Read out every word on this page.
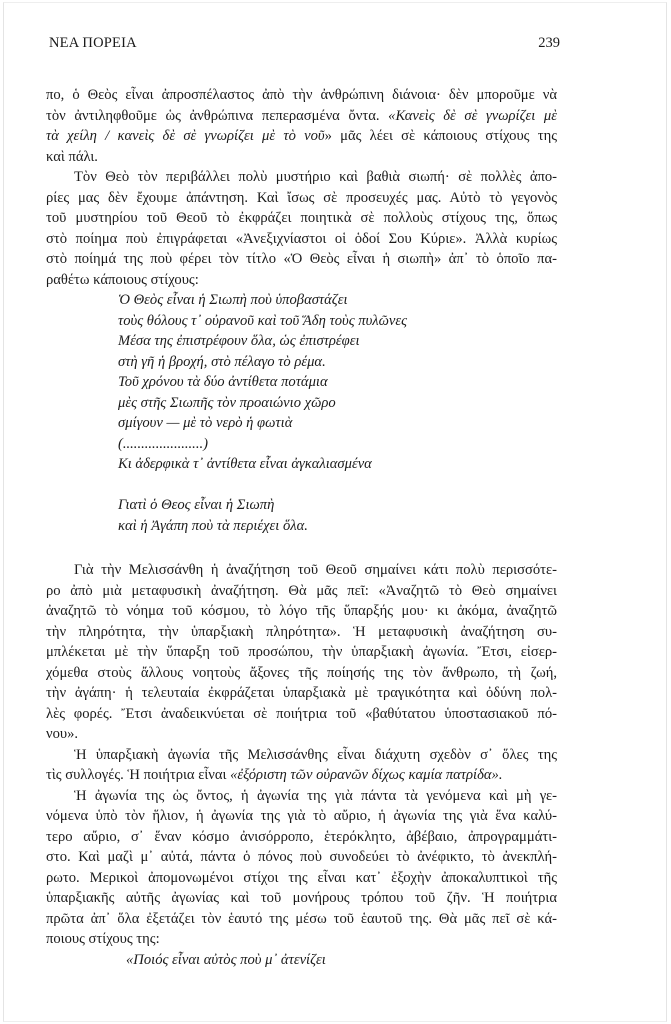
ΝΕΑ ΠΟΡΕΙΑ	239
πο, ὁ Θεὸς εἶναι ἀπροσπέλαστος ἀπὸ τὴν ἀνθρώπινη διάνοια· δὲν μποροῦμε νὰ
τὸν ἀντιληφθοῦμε ὡς ἀνθρώπινα πεπερασμένα ὄντα. «Κανεὶς δὲ σὲ γνωρίζει μὲ
τὰ χείλη / κανεὶς δὲ σὲ γνωρίζει μὲ τὸ νοῦ» μᾶς λέει σὲ κάποιους στίχους της
καὶ πάλι.
Τὸν Θεὸ τὸν περιβάλλει πολὺ μυστήριο καὶ βαθιὰ σιωπή· σὲ πολλὲς ἀπο-
ρίες μας δὲν ἔχουμε ἀπάντηση. Καὶ ἴσως σὲ προσευχές μας. Αὐτὸ τὸ γεγονὸς
τοῦ μυστηρίου τοῦ Θεοῦ τὸ ἐκφράζει ποιητικὰ σὲ πολλοὺς στίχους της, ὅπως
στὸ ποίημα ποὺ ἐπιγράφεται «Ἀνεξιχνίαστοι οἱ ὁδοί Σου Κύριε». Ἀλλὰ κυρίως
στὸ ποίημά της ποὺ φέρει τὸν τίτλο «Ὁ Θεὸς εἶναι ἡ σιωπὴ» ἀπ᾽ τὸ ὁποῖο πα-
ραθέτω κάποιους στίχους:
Ὁ Θεὸς εἶναι ἡ Σιωπὴ ποὺ ὑποβαστάζει
τοὺς θόλους τ᾽ οὐρανοῦ καὶ τοῦ Ἅδη τοὺς πυλῶνες
Μέσα της ἐπιστρέφουν ὅλα, ὡς ἐπιστρέφει
στὴ γῆ ἡ βροχή, στὸ πέλαγο τὸ ρέμα.
Τοῦ χρόνου τὰ δύο ἀντίθετα ποτάμια
μὲς στῆς Σιωπῆς τὸν προαιώνιο χῶρο
σμίγουν — μὲ τὸ νερὸ ἡ φωτιὰ
(......................)
Κι ἀδερφικὰ τ᾽ ἀντίθετα εἶναι ἀγκαλιασμένα
Γιατὶ ὁ Θεος εἶναι ἡ Σιωπὴ
καὶ ἡ Ἀγάπη ποὺ τὰ περιέχει ὅλα.
Γιὰ τὴν Μελισσάνθη ἡ ἀναζήτηση τοῦ Θεοῦ σημαίνει κάτι πολὺ περισσότε-
ρο ἀπὸ μιὰ μεταφυσικὴ ἀναζήτηση. Θὰ μᾶς πεῖ: «Ἀναζητῶ τὸ Θεὸ σημαίνει
ἀναζητῶ τὸ νόημα τοῦ κόσμου, τὸ λόγο τῆς ὕπαρξής μου· κι ἀκόμα, ἀναζητῶ
τὴν πληρότητα, τὴν ὑπαρξιακὴ πληρότητα». Ἡ μεταφυσικὴ ἀναζήτηση συ-
μπλέκεται μὲ τὴν ὕπαρξη τοῦ προσώπου, τὴν ὑπαρξιακὴ ἀγωνία. Ἔτσι, εἰσερ-
χόμεθα στοὺς ἄλλους νοητοὺς ἄξονες τῆς ποίησής της τὸν ἄνθρωπο, τὴ ζωή,
τὴν ἀγάπη· ἡ τελευταία ἐκφράζεται ὑπαρξιακὰ μὲ τραγικότητα καὶ ὀδύνη πολ-
λὲς φορές. Ἔτσι ἀναδεικνύεται σὲ ποιήτρια τοῦ «βαθύτατου ὑποστασιακοῦ πό-
νου».
Ἡ ὑπαρξιακὴ ἀγωνία τῆς Μελισσάνθης εἶναι διάχυτη σχεδὸν σ᾽ ὅλες της
τὶς συλλογές. Ἡ ποιήτρια εἶναι «ἐξόριστη τῶν οὐρανῶν δίχως καμία πατρίδα».
Ἡ ἀγωνία της ὡς ὄντος, ἡ ἀγωνία της γιὰ πάντα τὰ γενόμενα καὶ μὴ γε-
νόμενα ὑπὸ τὸν ἥλιον, ἡ ἀγωνία της γιὰ τὸ αὔριο, ἡ ἀγωνία της γιὰ ἕνα καλύ-
τερο αὔριο, σ᾽ ἕναν κόσμο ἀνισόρροπο, ἑτερόκλητο, ἀβέβαιο, ἀπρογραμμάτι-
στο. Καὶ μαζὶ μ᾽ αὐτά, πάντα ὁ πόνος ποὺ συνοδεύει τὸ ἀνέφικτο, τὸ ἀνεκπλή-
ρωτο. Μερικοὶ ἀπομονωμένοι στίχοι της εἶναι κατ᾽ ἐξοχὴν ἀποκαλυπτικοὶ τῆς
ὑπαρξιακῆς αὐτῆς ἀγωνίας καὶ τοῦ μονήρους τρόπου τοῦ ζῆν. Ἡ ποιήτρια
πρῶτα ἀπ᾽ ὅλα ἐξετάζει τὸν ἑαυτό της μέσω τοῦ ἑαυτοῦ της. Θὰ μᾶς πεῖ σὲ κά-
ποιους στίχους της:
«Ποιός εἶναι αὐτὸς ποὺ μ᾽ ἀτενίζει
